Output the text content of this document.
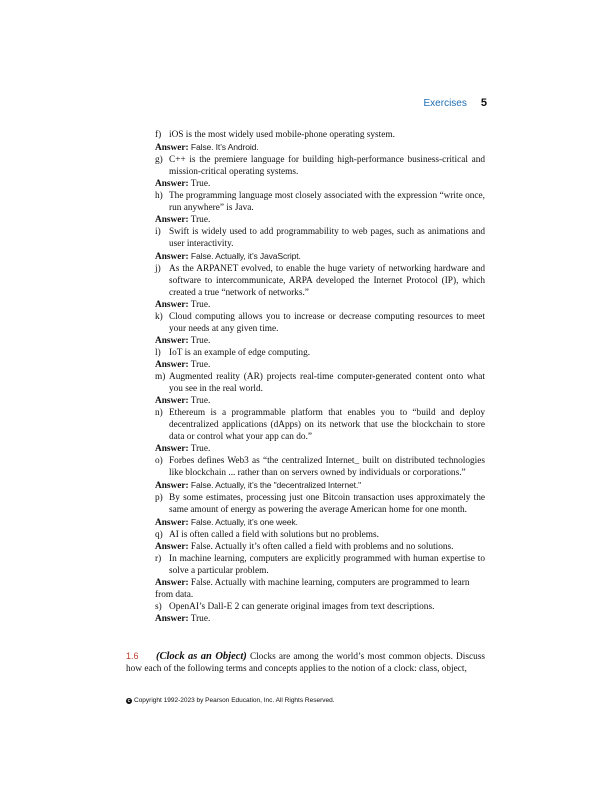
Exercises 5
f) iOS is the most widely used mobile-phone operating system.
Answer: False. It’s Android.
g) C++ is the premiere language for building high-performance business-critical and mission-critical operating systems.
Answer: True.
h) The programming language most closely associated with the expression “write once, run anywhere” is Java.
Answer: True.
i) Swift is widely used to add programmability to web pages, such as animations and user interactivity.
Answer: False. Actually, it’s JavaScript.
j) As the ARPANET evolved, to enable the huge variety of networking hardware and software to intercommunicate, ARPA developed the Internet Protocol (IP), which created a true “network of networks.”
Answer: True.
k) Cloud computing allows you to increase or decrease computing resources to meet your needs at any given time.
Answer: True.
l) IoT is an example of edge computing.
Answer: True.
m) Augmented reality (AR) projects real-time computer-generated content onto what you see in the real world.
Answer: True.
n) Ethereum is a programmable platform that enables you to “build and deploy decentralized applications (dApps) on its network that use the blockchain to store data or control what your app can do.”
Answer: True.
o) Forbes defines Web3 as “the centralized Internet_ built on distributed technologies like blockchain ... rather than on servers owned by individuals or corporations.”
Answer: False. Actually, it’s the "decentralized Internet."
p) By some estimates, processing just one Bitcoin transaction uses approximately the same amount of energy as powering the average American home for one month.
Answer: False. Actually, it’s one week.
q) AI is often called a field with solutions but no problems.
Answer: False. Actually it’s often called a field with problems and no solutions.
r) In machine learning, computers are explicitly programmed with human expertise to solve a particular problem.
Answer: False. Actually with machine learning, computers are programmed to learn from data.
s) OpenAI’s Dall-E 2 can generate original images from text descriptions.
Answer: True.
1.6 (Clock as an Object) Clocks are among the world’s most common objects. Discuss how each of the following terms and concepts applies to the notion of a clock: class, object,
c Copyright 1992-2023 by Pearson Education, Inc. All Rights Reserved.
